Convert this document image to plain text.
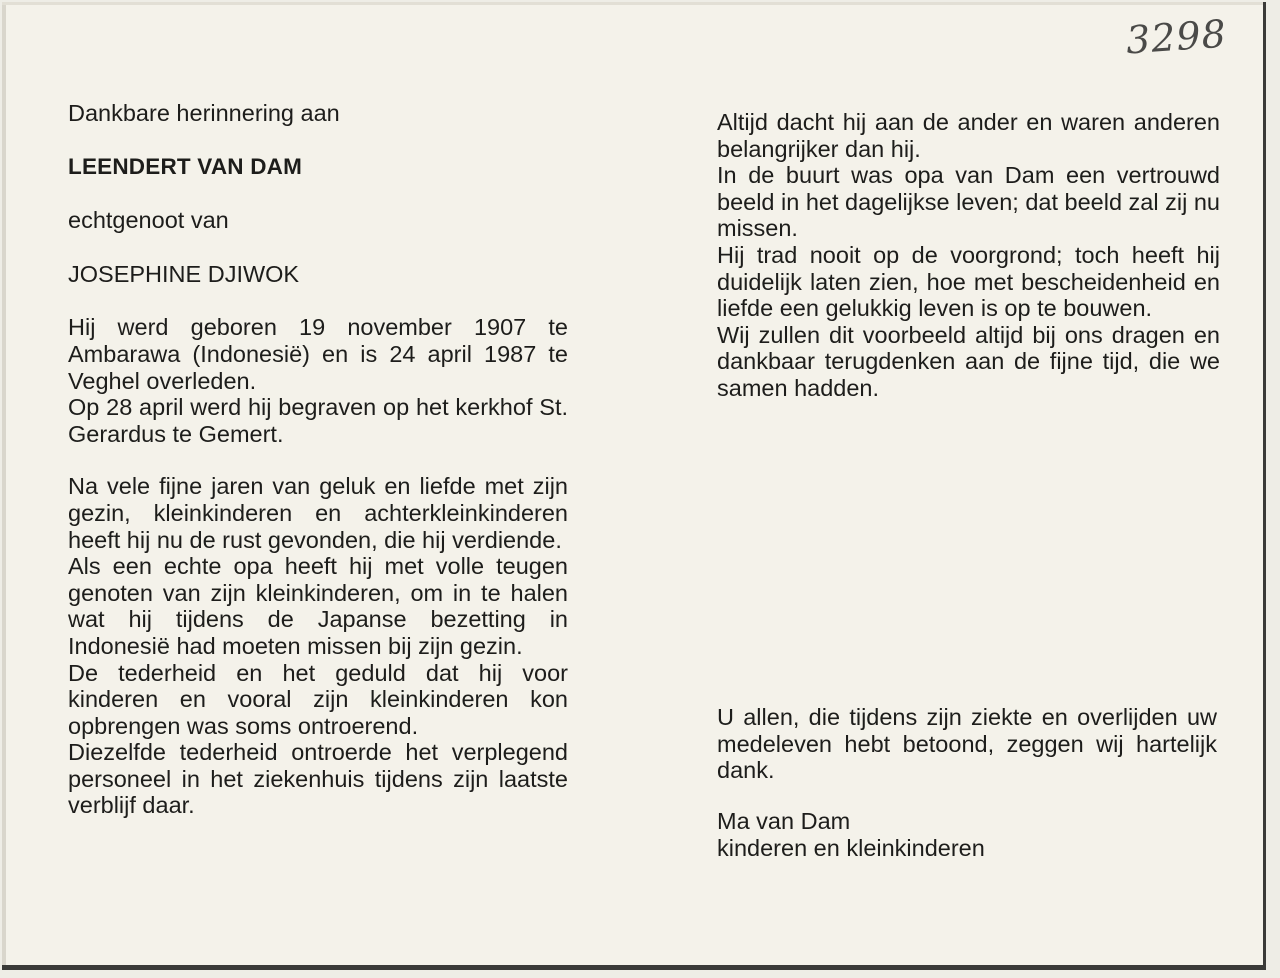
3298

Dankbare herinnering aan

LEENDERT VAN DAM

echtgenoot van

JOSEPHINE DJIWOK

Hij werd geboren 19 november 1907 te Ambarawa (Indonesië) en is 24 april 1987 te Veghel overleden.

Op 28 april werd hij begraven op het kerkhof St. Gerardus te Gemert.

Na vele fijne jaren van geluk en liefde met zijn gezin, kleinkinderen en achterkleinkinderen heeft hij nu de rust gevonden, die hij verdiende.

Als een echte opa heeft hij met volle teugen genoten van zijn kleinkinderen, om in te halen wat hij tijdens de Japanse bezetting in Indonesië had moeten missen bij zijn gezin.

De tederheid en het geduld dat hij voor kinderen en vooral zijn kleinkinderen kon opbrengen was soms ontroerend.

Diezelfde tederheid ontroerde het verplegend personeel in het ziekenhuis tijdens zijn laatste verblijf daar.

Altijd dacht hij aan de ander en waren anderen belangrijker dan hij.

In de buurt was opa van Dam een vertrouwd beeld in het dagelijkse leven; dat beeld zal zij nu missen.

Hij trad nooit op de voorgrond; toch heeft hij duidelijk laten zien, hoe met bescheidenheid en liefde een gelukkig leven is op te bouwen.

Wij zullen dit voorbeeld altijd bij ons dragen en dankbaar terugdenken aan de fijne tijd, die we samen hadden.

U allen, die tijdens zijn ziekte en overlijden uw medeleven hebt betoond, zeggen wij hartelijk dank.

Ma van Dam

kinderen en kleinkinderen
